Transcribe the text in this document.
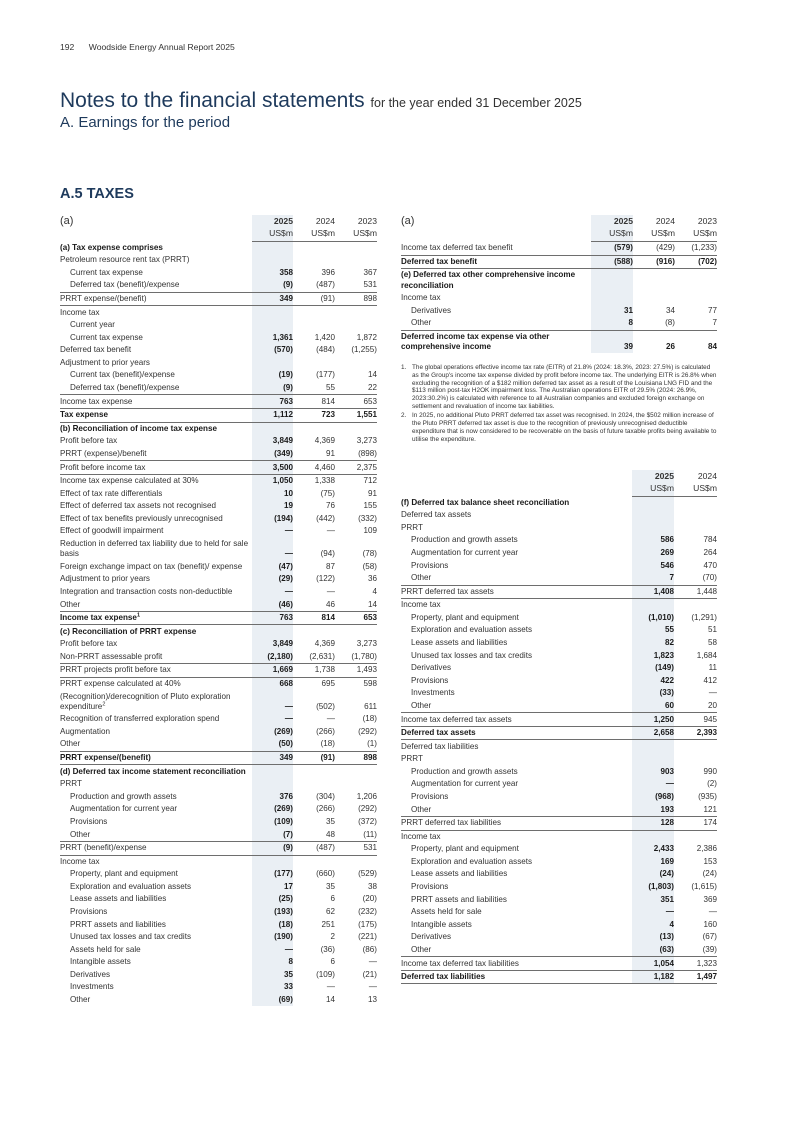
192 Woodside Energy Annual Report 2025
Notes to the financial statements for the year ended 31 December 2025
A. Earnings for the period
A.5 TAXES
(a)	2025	2024	2023
	US$m	US$m	US$m
(a) Tax expense comprises			
Petroleum resource rent tax (PRRT)			
Current tax expense	358	396	367
Deferred tax (benefit)/expense	(9)	(487)	531
PRRT expense/(benefit)	349	(91)	898
Income tax			
Current year			
Current tax expense	1,361	1,420	1,872
Deferred tax benefit	(570)	(484)	(1,255)
Adjustment to prior years			
Current tax (benefit)/expense	(19)	(177)	14
Deferred tax (benefit)/expense	(9)	55	22
Income tax expense	763	814	653
Tax expense	1,112	723	1,551
(b) Reconciliation of income tax expense			
Profit before tax	3,849	4,369	3,273
PRRT (expense)/benefit	(349)	91	(898)
Profit before income tax	3,500	4,460	2,375
Income tax expense calculated at 30%	1,050	1,338	712
Effect of tax rate differentials	10	(75)	91
Effect of deferred tax assets not recognised	19	76	155
Effect of tax benefits previously unrecognised	(194)	(442)	(332)
Effect of goodwill impairment	—	—	109
Reduction in deferred tax liability due to held for sale basis	—	(94)	(78)
Foreign exchange impact on tax (benefit)/ expense	(47)	87	(58)
Adjustment to prior years	(29)	(122)	36
Integration and transaction costs non-deductible	—	—	4
Other	(46)	46	14
Income tax expense$^1$	763	814	653
(c) Reconciliation of PRRT expense			
Profit before tax	3,849	4,369	3,273
Non-PRRT assessable profit	(2,180)	(2,631)	(1,780)
PRRT projects profit before tax	1,669	1,738	1,493
PRRT expense calculated at 40%	668	695	598
(Recognition)/derecognition of Pluto exploration expenditure$^2$	—	(502)	611
Recognition of transferred exploration spend	—	—	(18)
Augmentation	(269)	(266)	(292)
Other	(50)	(18)	(1)
PRRT expense/(benefit)	349	(91)	898
(d) Deferred tax income statement reconciliation			
PRRT			
Production and growth assets	376	(304)	1,206
Augmentation for current year	(269)	(266)	(292)
Provisions	(109)	35	(372)
Other	(7)	48	(11)
PRRT (benefit)/expense	(9)	(487)	531
Income tax			
Property, plant and equipment	(177)	(660)	(529)
Exploration and evaluation assets	17	35	38
Lease assets and liabilities	(25)	6	(20)
Provisions	(193)	62	(232)
PRRT assets and liabilities	(18)	251	(175)
Unused tax losses and tax credits	(190)	2	(221)
Assets held for sale	—	(36)	(86)
Intangible assets	8	6	—
Derivatives	35	(109)	(21)
Investments	33	—	—
Other	(69)	14	13
(a)	2025	2024	2023
	US$m	US$m	US$m
Income tax deferred tax benefit	(579)	(429)	(1,233)
Deferred tax benefit	(588)	(916)	(702)
(e) Deferred tax other comprehensive income reconciliation			
Income tax			
Derivatives	31	34	77
Other	8	(8)	7
Deferred income tax expense via other comprehensive income	39	26	84
1. The global operations effective income tax rate (EITR) of 21.8% (2024: 18.3%, 2023: 27.5%) is calculated as the Group's income tax expense divided by profit before income tax. The underlying EITR is 26.8% when excluding the recognition of a $182 million deferred tax asset as a result of the Louisiana LNG FID and the $113 million post-tax H2OK impairment loss. The Australian operations EITR of 29.5% (2024: 26.9%, 2023:30.2%) is calculated with reference to all Australian companies and excluded foreign exchange on settlement and revaluation of income tax liabilities.
2. In 2025, no additional Pluto PRRT deferred tax asset was recognised. In 2024, the $502 million increase of the Pluto PRRT deferred tax asset is due to the recognition of previously unrecognised deductible expenditure that is now considered to be recoverable on the basis of future taxable profits being available to utilise the expenditure.
	2025	2024
	US$m	US$m
(f) Deferred tax balance sheet reconciliation		
Deferred tax assets		
PRRT		
Production and growth assets	586	784
Augmentation for current year	269	264
Provisions	546	470
Other	7	(70)
PRRT deferred tax assets	1,408	1,448
Income tax		
Property, plant and equipment	(1,010)	(1,291)
Exploration and evaluation assets	55	51
Lease assets and liabilities	82	58
Unused tax losses and tax credits	1,823	1,684
Derivatives	(149)	11
Provisions	422	412
Investments	(33)	—
Other	60	20
Income tax deferred tax assets	1,250	945
Deferred tax assets	2,658	2,393
Deferred tax liabilities		
PRRT		
Production and growth assets	903	990
Augmentation for current year	—	(2)
Provisions	(968)	(935)
Other	193	121
PRRT deferred tax liabilities	128	174
Income tax		
Property, plant and equipment	2,433	2,386
Exploration and evaluation assets	169	153
Lease assets and liabilities	(24)	(24)
Provisions	(1,803)	(1,615)
PRRT assets and liabilities	351	369
Assets held for sale	—	—
Intangible assets	4	160
Derivatives	(13)	(67)
Other	(63)	(39)
Income tax deferred tax liabilities	1,054	1,323
Deferred tax liabilities	1,182	1,497
